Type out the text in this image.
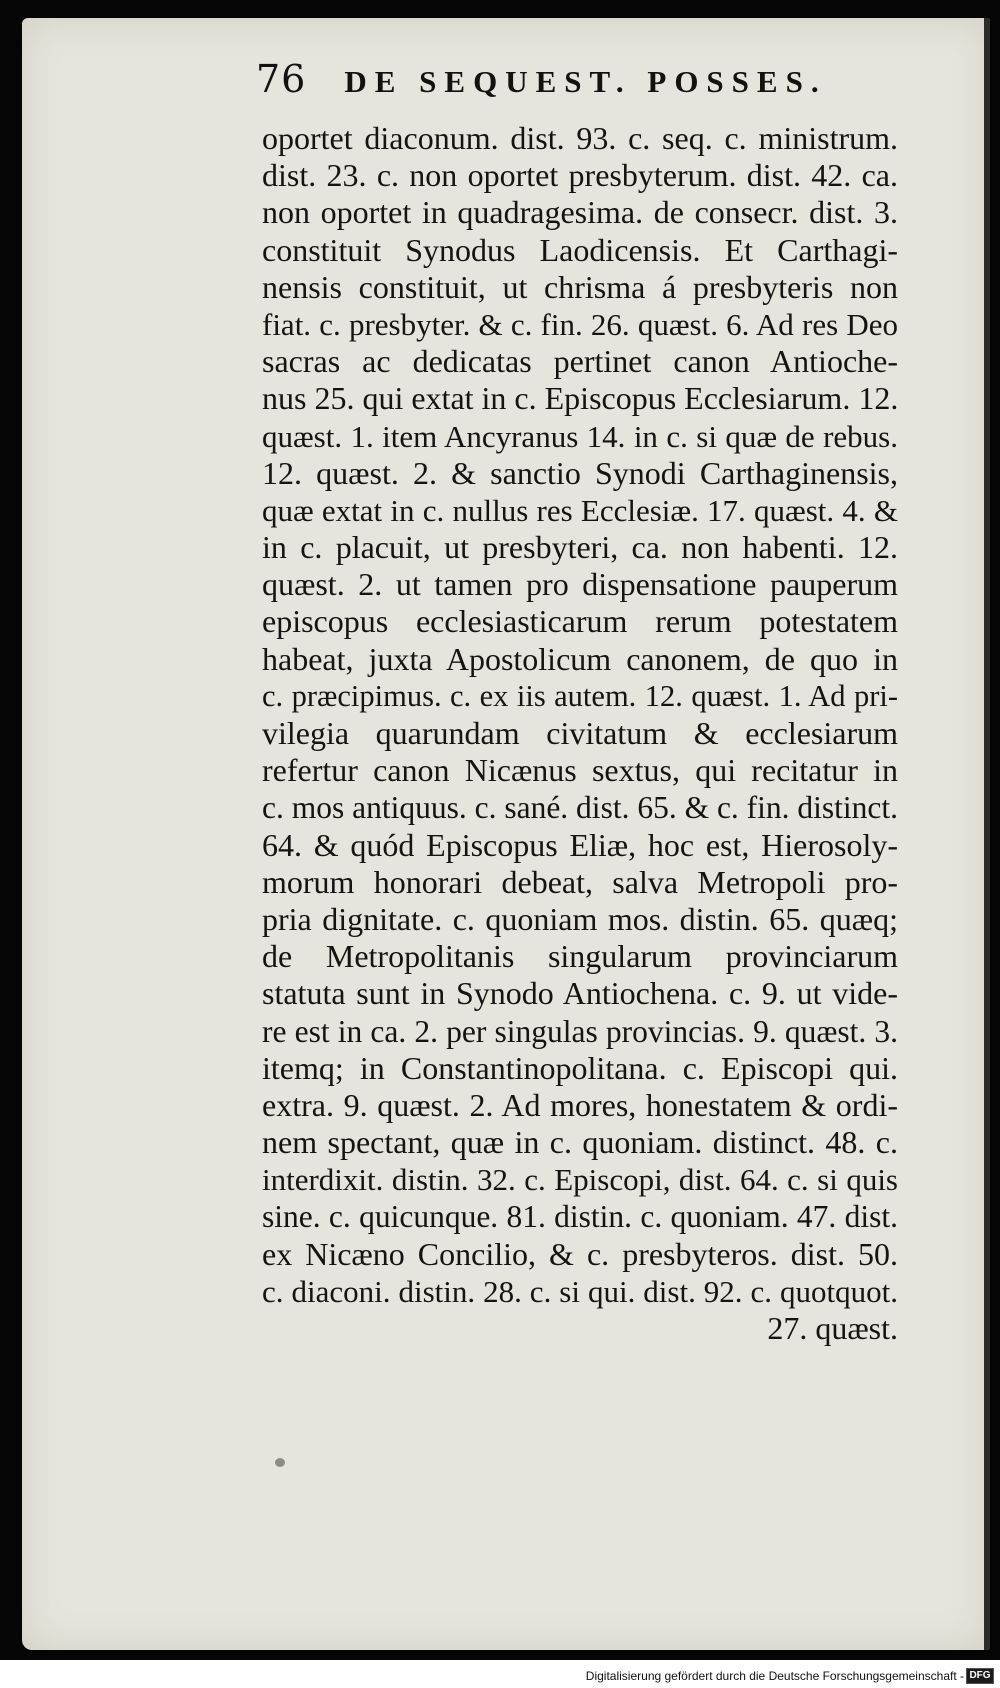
76 DE SEQUEST. POSSES.
oportet diaconum. dist. 93. c. seq. c. ministrum.
dist. 23. c. non oportet presbyterum. dist. 42. ca.
non oportet in quadragesima. de consecr. dist. 3.
constituit Synodus Laodicensis. Et Carthagi-
nensis constituit, ut chrisma á presbyteris non
fiat. c. presbyter. & c. fin. 26. quæst. 6. Ad res Deo
sacras ac dedicatas pertinet canon Antioche-
nus 25. qui extat in c. Episcopus Ecclesiarum. 12.
quæst. 1. item Ancyranus 14. in c. si quæ de rebus.
12. quæst. 2. & sanctio Synodi Carthaginensis,
quæ extat in c. nullus res Ecclesiæ. 17. quæst. 4. &
in c. placuit, ut presbyteri, ca. non habenti. 12.
quæst. 2. ut tamen pro dispensatione pauperum
episcopus ecclesiasticarum rerum potestatem
habeat, juxta Apostolicum canonem, de quo in
c. præcipimus. c. ex iis autem. 12. quæst. 1. Ad pri-
vilegia quarundam civitatum & ecclesiarum
refertur canon Nicænus sextus, qui recitatur in
c. mos antiquus. c. sané. dist. 65. & c. fin. distinct.
64. & quód Episcopus Eliæ, hoc est, Hierosoly-
morum honorari debeat, salva Metropoli pro-
pria dignitate. c. quoniam mos. distin. 65. quæq;
de Metropolitanis singularum provinciarum
statuta sunt in Synodo Antiochena. c. 9. ut vide-
re est in ca. 2. per singulas provincias. 9. quæst. 3.
itemq; in Constantinopolitana. c. Episcopi qui.
extra. 9. quæst. 2. Ad mores, honestatem & ordi-
nem spectant, quæ in c. quoniam. distinct. 48. c.
interdixit. distin. 32. c. Episcopi, dist. 64. c. si quis
sine. c. quicunque. 81. distin. c. quoniam. 47. dist.
ex Nicæno Concilio, & c. presbyteros. dist. 50.
c. diaconi. distin. 28. c. si qui. dist. 92. c. quotquot.
27. quæst.
Digitalisierung gefördert durch die Deutsche Forschungsgemeinschaft - DFG
